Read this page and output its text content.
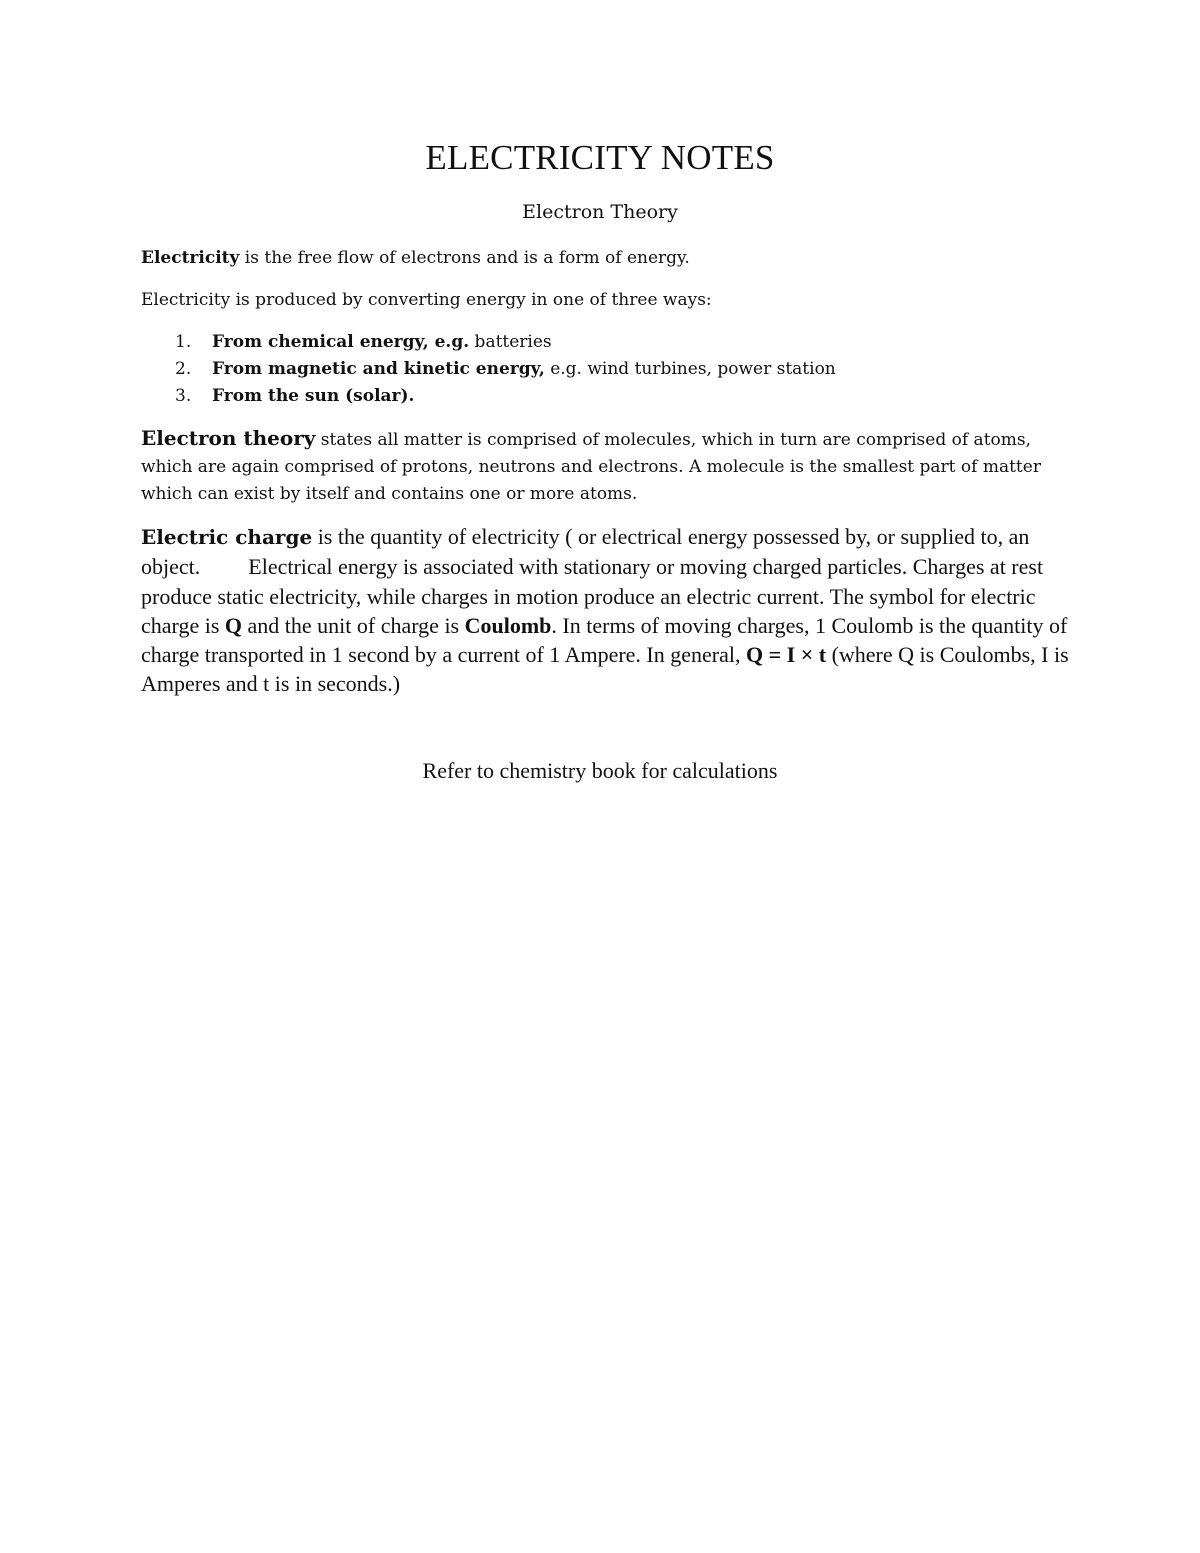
ELECTRICITY NOTES
Electron Theory
Electricity is the free flow of electrons and is a form of energy.
Electricity is produced by converting energy in one of three ways:
1. From chemical energy, e.g. batteries
2. From magnetic and kinetic energy, e.g. wind turbines, power station
3. From the sun (solar).
Electron theory states all matter is comprised of molecules, which in turn are comprised of atoms, which are again comprised of protons, neutrons and electrons. A molecule is the smallest part of matter which can exist by itself and contains one or more atoms.
Electric charge is the quantity of electricity ( or electrical energy possessed by, or supplied to, an object. Electrical energy is associated with stationary or moving charged particles. Charges at rest produce static electricity, while charges in motion produce an electric current. The symbol for electric charge is Q and the unit of charge is Coulomb. In terms of moving charges, 1 Coulomb is the quantity of charge transported in 1 second by a current of 1 Ampere. In general, Q = I × t (where Q is Coulombs, I is Amperes and t is in seconds.)
Refer to chemistry book for calculations
